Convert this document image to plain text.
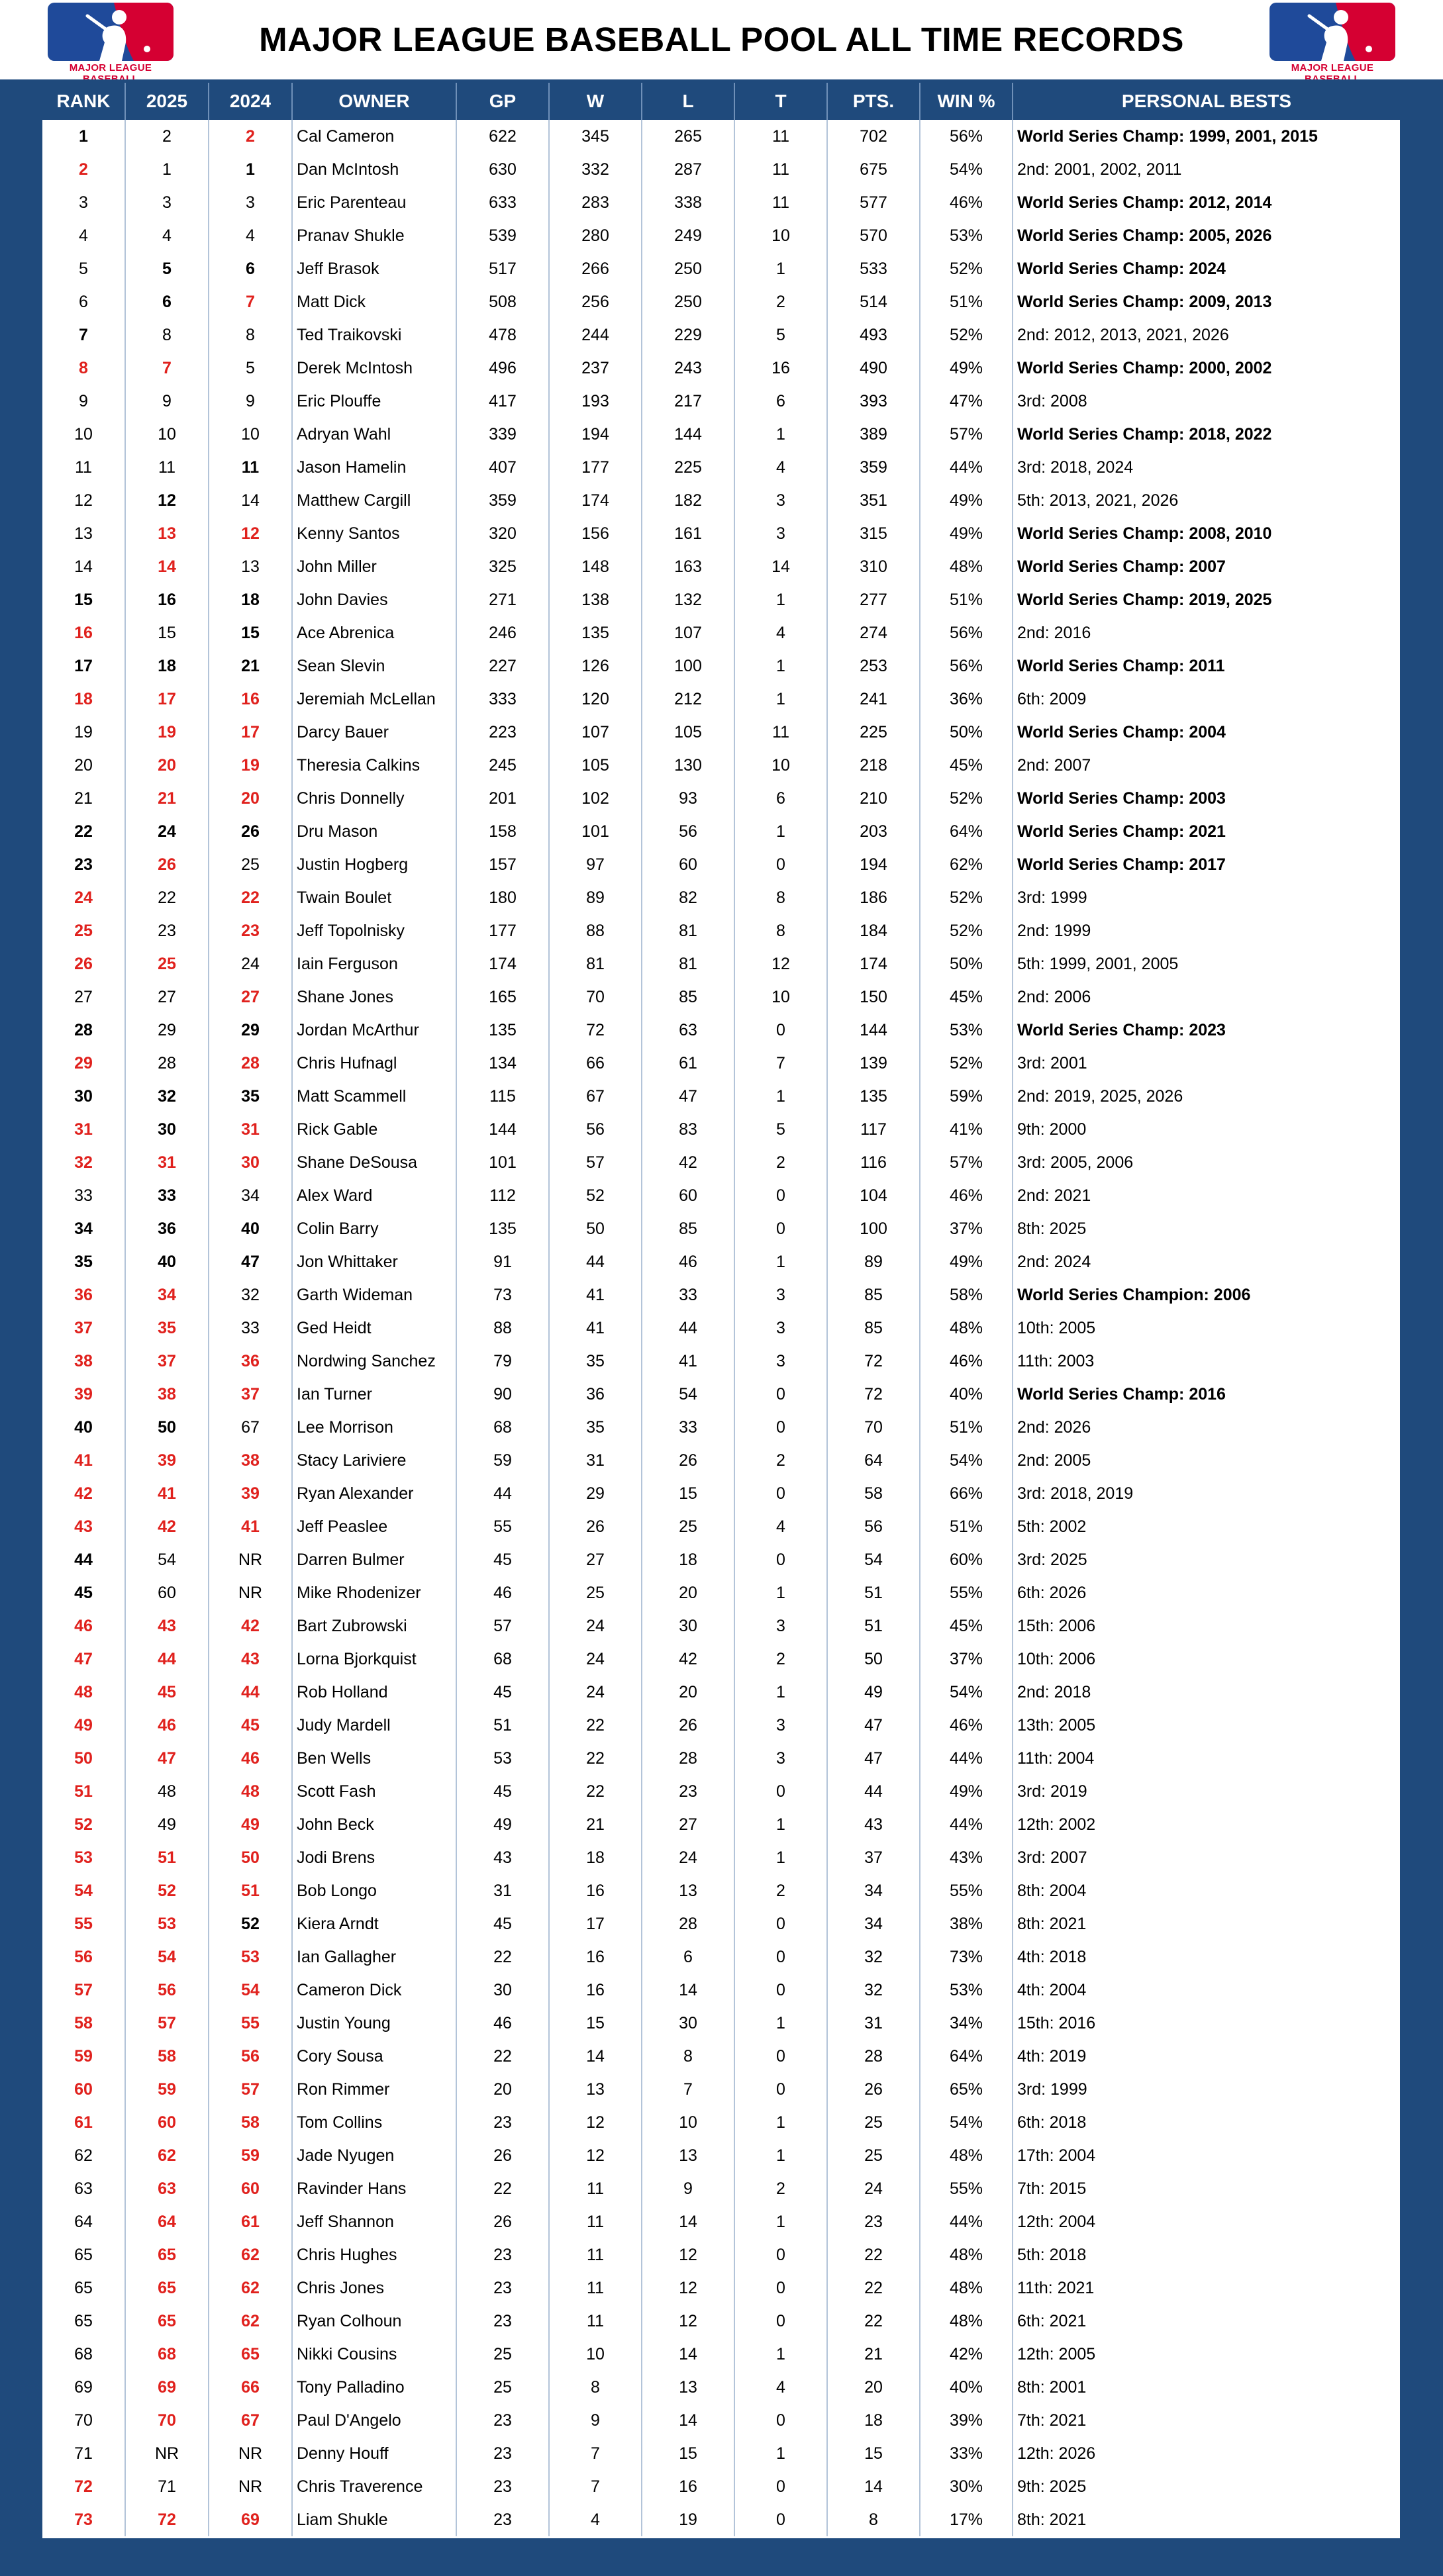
MAJOR LEAGUE
MAJOR LEAGUE BASEBALL POOL ALL TIME RECORDS
MAJOR LEAGUE
RANK	2025	2024	OWNER	GP	W	L	T	PTS.	WIN %	PERSONAL BESTS
1	2	2	Cal Cameron	622	345	265	11	702	56%	World Series Champ: 1999, 2001, 2015
2	1	1	Dan McIntosh	630	332	287	11	675	54%	2nd: 2001, 2002, 2011
3	3	3	Eric Parenteau	633	283	338	11	577	46%	World Series Champ: 2012, 2014
4	4	4	Pranav Shukle	539	280	249	10	570	53%	World Series Champ: 2005, 2026
5	5	6	Jeff Brasok	517	266	250	1	533	52%	World Series Champ: 2024
6	6	7	Matt Dick	508	256	250	2	514	51%	World Series Champ: 2009, 2013
7	8	8	Ted Traikovski	478	244	229	5	493	52%	2nd: 2012, 2013, 2021, 2026
8	7	5	Derek McIntosh	496	237	243	16	490	49%	World Series Champ: 2000, 2002
9	9	9	Eric Plouffe	417	193	217	6	393	47%	3rd: 2008
10	10	10	Adryan Wahl	339	194	144	1	389	57%	World Series Champ: 2018, 2022
11	11	11	Jason Hamelin	407	177	225	4	359	44%	3rd: 2018, 2024
12	12	14	Matthew Cargill	359	174	182	3	351	49%	5th: 2013, 2021, 2026
13	13	12	Kenny Santos	320	156	161	3	315	49%	World Series Champ: 2008, 2010
14	14	13	John Miller	325	148	163	14	310	48%	World Series Champ: 2007
15	16	18	John Davies	271	138	132	1	277	51%	World Series Champ: 2019, 2025
16	15	15	Ace Abrenica	246	135	107	4	274	56%	2nd: 2016
17	18	21	Sean Slevin	227	126	100	1	253	56%	World Series Champ: 2011
18	17	16	Jeremiah McLellan	333	120	212	1	241	36%	6th: 2009
19	19	17	Darcy Bauer	223	107	105	11	225	50%	World Series Champ: 2004
20	20	19	Theresia Calkins	245	105	130	10	218	45%	2nd: 2007
21	21	20	Chris Donnelly	201	102	93	6	210	52%	World Series Champ: 2003
22	24	26	Dru Mason	158	101	56	1	203	64%	World Series Champ: 2021
23	26	25	Justin Hogberg	157	97	60	0	194	62%	World Series Champ: 2017
24	22	22	Twain Boulet	180	89	82	8	186	52%	3rd: 1999
25	23	23	Jeff Topolnisky	177	88	81	8	184	52%	2nd: 1999
26	25	24	Iain Ferguson	174	81	81	12	174	50%	5th: 1999, 2001, 2005
27	27	27	Shane Jones	165	70	85	10	150	45%	2nd: 2006
28	29	29	Jordan McArthur	135	72	63	0	144	53%	World Series Champ: 2023
29	28	28	Chris Hufnagl	134	66	61	7	139	52%	3rd: 2001
30	32	35	Matt Scammell	115	67	47	1	135	59%	2nd: 2019, 2025, 2026
31	30	31	Rick Gable	144	56	83	5	117	41%	9th: 2000
32	31	30	Shane DeSousa	101	57	42	2	116	57%	3rd: 2005, 2006
33	33	34	Alex Ward	112	52	60	0	104	46%	2nd: 2021
34	36	40	Colin Barry	135	50	85	0	100	37%	8th: 2025
35	40	47	Jon Whittaker	91	44	46	1	89	49%	2nd: 2024
36	34	32	Garth Wideman	73	41	33	3	85	58%	World Series Champion: 2006
37	35	33	Ged Heidt	88	41	44	3	85	48%	10th: 2005
38	37	36	Nordwing Sanchez	79	35	41	3	72	46%	11th: 2003
39	38	37	Ian Turner	90	36	54	0	72	40%	World Series Champ: 2016
40	50	67	Lee Morrison	68	35	33	0	70	51%	2nd: 2026
41	39	38	Stacy Lariviere	59	31	26	2	64	54%	2nd: 2005
42	41	39	Ryan Alexander	44	29	15	0	58	66%	3rd: 2018, 2019
43	42	41	Jeff Peaslee	55	26	25	4	56	51%	5th: 2002
44	54	NR	Darren Bulmer	45	27	18	0	54	60%	3rd: 2025
45	60	NR	Mike Rhodenizer	46	25	20	1	51	55%	6th: 2026
46	43	42	Bart Zubrowski	57	24	30	3	51	45%	15th: 2006
47	44	43	Lorna Bjorkquist	68	24	42	2	50	37%	10th: 2006
48	45	44	Rob Holland	45	24	20	1	49	54%	2nd: 2018
49	46	45	Judy Mardell	51	22	26	3	47	46%	13th: 2005
50	47	46	Ben Wells	53	22	28	3	47	44%	11th: 2004
51	48	48	Scott Fash	45	22	23	0	44	49%	3rd: 2019
52	49	49	John Beck	49	21	27	1	43	44%	12th: 2002
53	51	50	Jodi Brens	43	18	24	1	37	43%	3rd: 2007
54	52	51	Bob Longo	31	16	13	2	34	55%	8th: 2004
55	53	52	Kiera Arndt	45	17	28	0	34	38%	8th: 2021
56	54	53	Ian Gallagher	22	16	6	0	32	73%	4th: 2018
57	56	54	Cameron Dick	30	16	14	0	32	53%	4th: 2004
58	57	55	Justin Young	46	15	30	1	31	34%	15th: 2016
59	58	56	Cory Sousa	22	14	8	0	28	64%	4th: 2019
60	59	57	Ron Rimmer	20	13	7	0	26	65%	3rd: 1999
61	60	58	Tom Collins	23	12	10	1	25	54%	6th: 2018
62	62	59	Jade Nyugen	26	12	13	1	25	48%	17th: 2004
63	63	60	Ravinder Hans	22	11	9	2	24	55%	7th: 2015
64	64	61	Jeff Shannon	26	11	14	1	23	44%	12th: 2004
65	65	62	Chris Hughes	23	11	12	0	22	48%	5th: 2018
65	65	62	Chris Jones	23	11	12	0	22	48%	11th: 2021
65	65	62	Ryan Colhoun	23	11	12	0	22	48%	6th: 2021
68	68	65	Nikki Cousins	25	10	14	1	21	42%	12th: 2005
69	69	66	Tony Palladino	25	8	13	4	20	40%	8th: 2001
70	70	67	Paul D'Angelo	23	9	14	0	18	39%	7th: 2021
71	NR	NR	Denny Houff	23	7	15	1	15	33%	12th: 2026
72	71	NR	Chris Traverence	23	7	16	0	14	30%	9th: 2025
73	72	69	Liam Shukle	23	4	19	0	8	17%	8th: 2021
